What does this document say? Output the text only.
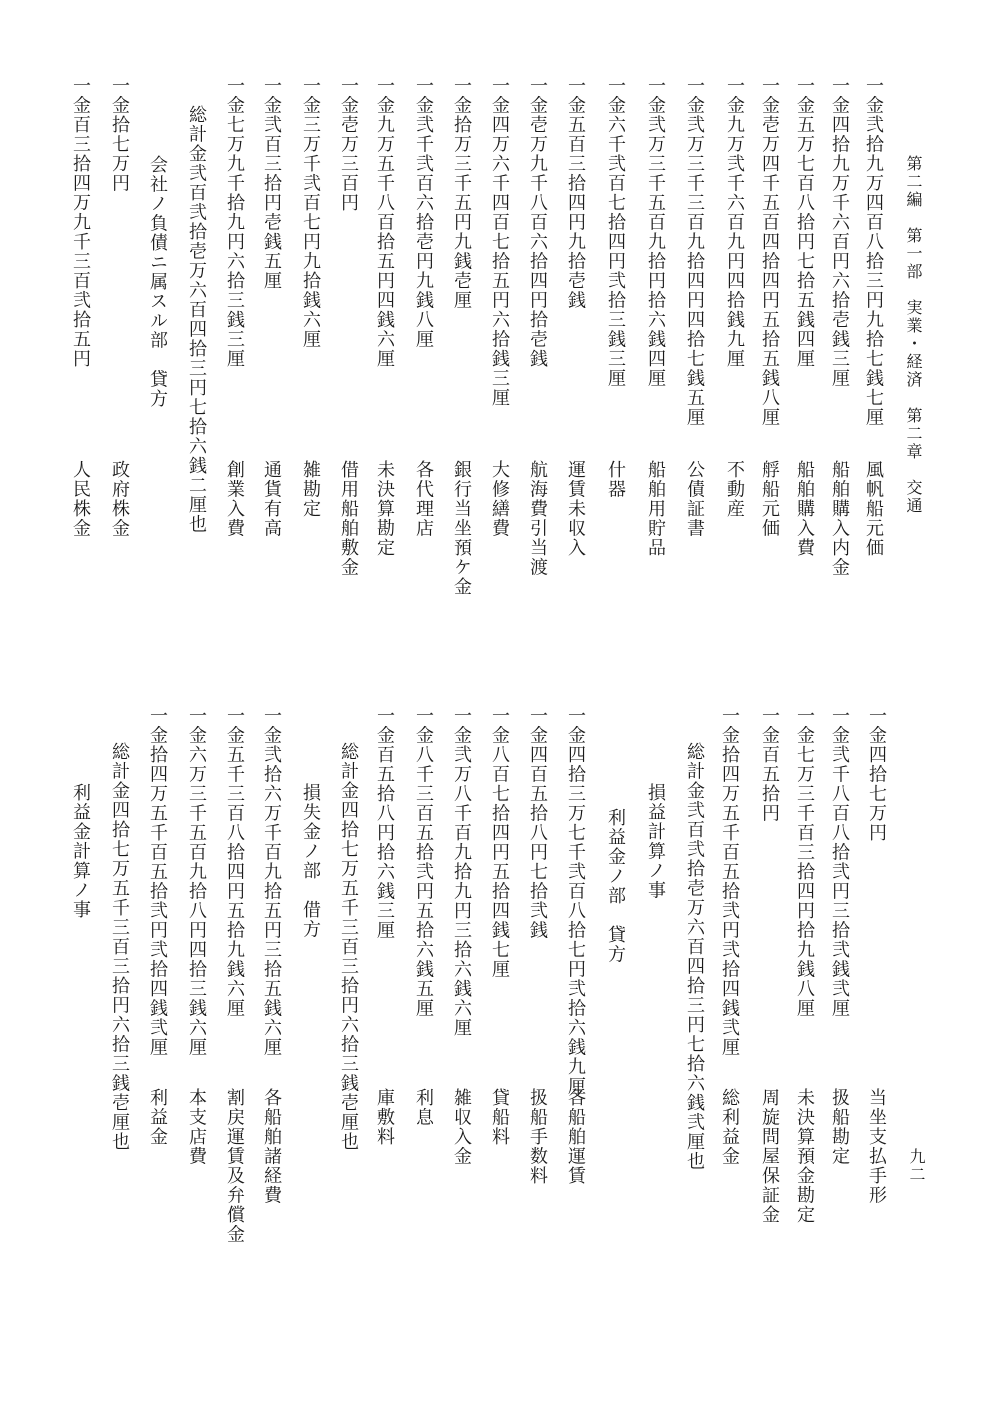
第二編　第一部　実業・経済　第二章　交通

九二

一金弐拾九万四百八拾三円九拾七銭七厘

風帆船元価

一金四拾九万千六百円六拾壱銭三厘

船舶購入内金

一金五万七百八拾円七拾五銭四厘

船舶購入費

一金壱万四千五百四拾四円五拾五銭八厘

艀船元価

一金九万弐千六百九円四拾銭九厘

不動産

一金弐万三千三百九拾四円四拾七銭五厘

公債証書

一金弐万三千五百九拾円拾六銭四厘

船舶用貯品

一金六千弐百七拾四円弐拾三銭三厘

什器

一金五百三拾四円九拾壱銭

運賃未収入

一金壱万九千八百六拾四円拾壱銭

航海費引当渡

一金四万六千四百七拾五円六拾銭三厘

大修繕費

一金拾万三千五円九銭壱厘

銀行当坐預ケ金

一金弐千弐百六拾壱円九銭八厘

各代理店

一金九万五千八百拾五円四銭六厘

未決算勘定

一金壱万三百円

借用船舶敷金

一金三万千弐百七円九拾銭六厘

雑勘定

一金弐百三拾円壱銭五厘

通貨有高

一金七万九千拾九円六拾三銭三厘

創業入費

総計金弐百弐拾壱万六百四拾三円七拾六銭二厘也

会社ノ負債ニ属スル部　貸方

一金拾七万円

政府株金

一金百三拾四万九千三百弐拾五円

人民株金

一金四拾七万円

当坐支払手形

一金弐千八百八拾弐円三拾弐銭弐厘

扱船勘定

一金七万三千百三拾四円拾九銭八厘

未決算預金勘定

一金百五拾円

周旋問屋保証金

一金拾四万五千百五拾弐円弐拾四銭弐厘

総利益金

総計金弐百弐拾壱万六百四拾三円七拾六銭弐厘也

損益計算ノ事

利益金ノ部　貸方

一金四拾三万七千弐百八拾七円弐拾六銭九厘

各船舶運賃

一金四百五拾八円七拾弐銭

扱船手数料

一金八百七拾四円五拾四銭七厘

貸船料

一金弐万八千百九拾九円三拾六銭六厘

雑収入金

一金八千三百五拾弐円五拾六銭五厘

利息

一金百五拾八円拾六銭三厘

庫敷料

総計金四拾七万五千三百三拾円六拾三銭壱厘也

損失金ノ部　借方

一金弐拾六万千百九拾五円三拾五銭六厘

各船舶諸経費

一金五千三百八拾四円五拾九銭六厘

割戻運賃及弁償金

一金六万三千五百九拾八円四拾三銭六厘

本支店費

一金拾四万五千百五拾弐円弐拾四銭弐厘

利益金

総計金四拾七万五千三百三拾円六拾三銭壱厘也

利益金計算ノ事
